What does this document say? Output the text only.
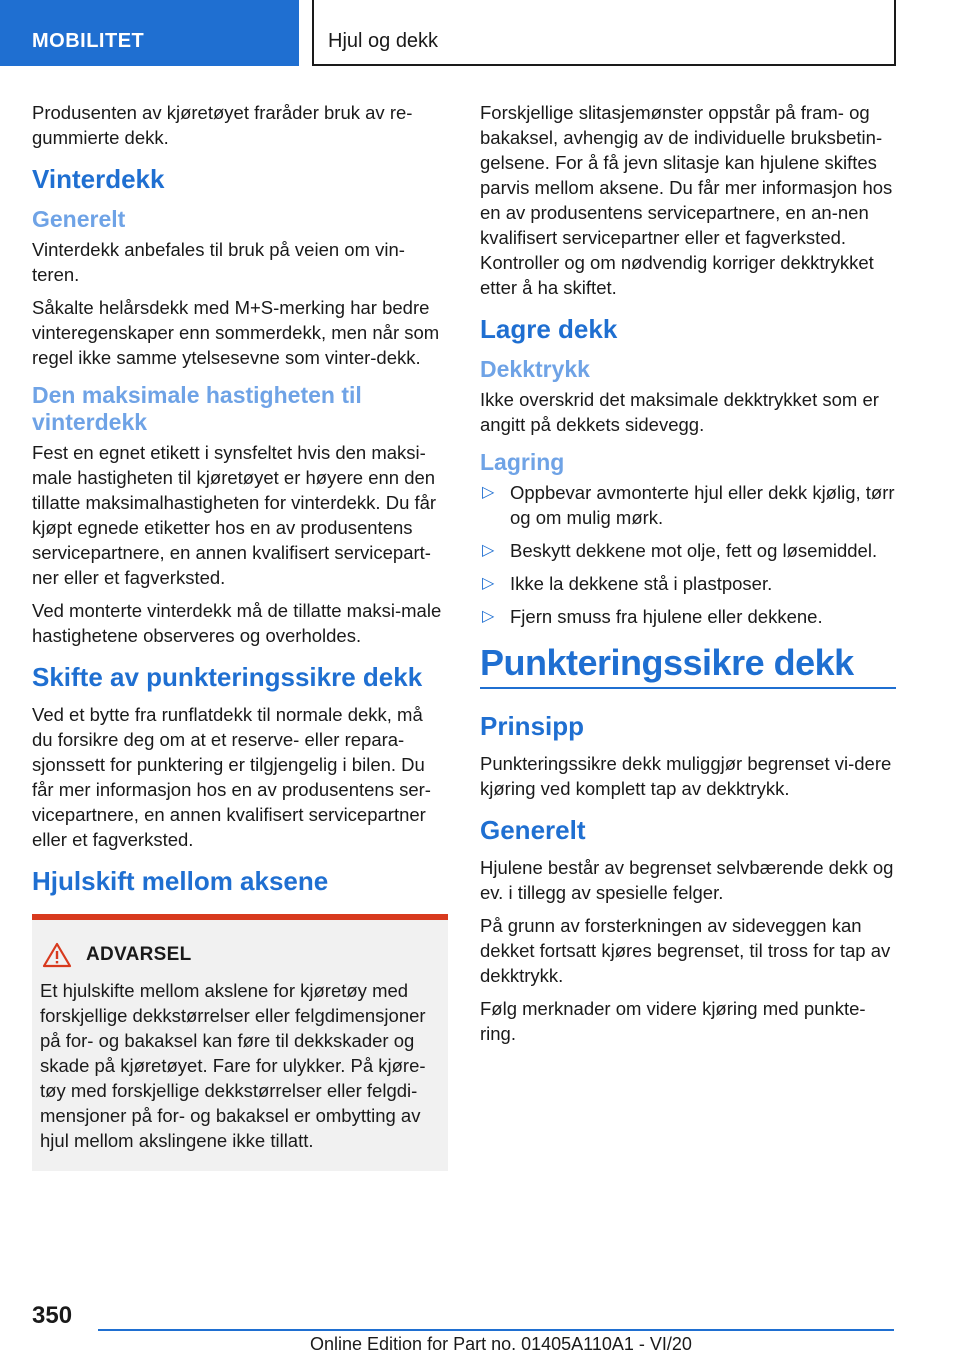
MOBILITET	Hjul og dekk

Produsenten av kjøretøyet fraråder bruk av re-gummierte dekk.

Vinterdekk
Generelt

Vinterdekk anbefales til bruk på veien om vin-teren.

Såkalte helårsdekk med M+S-merking har bedre vinteregenskaper enn sommerdekk, men når som regel ikke samme ytelsesevne som vinter-dekk.

Den maksimale hastigheten til vinterdekk

Fest en egnet etikett i synsfeltet hvis den maksi-male hastigheten til kjøretøyet er høyere enn den tillatte maksimalhastigheten for vinterdekk. Du får kjøpt egnede etiketter hos en av produsentens servicepartnere, en annen kvalifisert servicepart-ner eller et fagverksted.

Ved monterte vinterdekk må de tillatte maksi-male hastighetene observeres og overholdes.

Skifte av punkteringssikre dekk

Ved et bytte fra runflatdekk til normale dekk, må du forsikre deg om at et reserve- eller repara-sjonssett for punktering er tilgjengelig i bilen. Du får mer informasjon hos en av produsentens ser-vicepartnere, en annen kvalifisert servicepartner eller et fagverksted.

Hjulskift mellom aksene
ADVARSEL

Et hjulskifte mellom akslene for kjøretøy med forskjellige dekkstørrelser eller felgdimensjoner på for- og bakaksel kan føre til dekkskader og skade på kjøretøyet. Fare for ulykker. På kjøre-tøy med forskjellige dekkstørrelser eller felgdi-mensjoner på for- og bakaksel er ombytting av hjul mellom akslingene ikke tillatt.

Forskjellige slitasjemønster oppstår på fram- og bakaksel, avhengig av de individuelle bruksbetin-gelsene. For å få jevn slitasje kan hjulene skiftes parvis mellom aksene. Du får mer informasjon hos en av produsentens servicepartnere, en an-nen kvalifisert servicepartner eller et fagverksted. Kontroller og om nødvendig korriger dekktrykket etter å ha skiftet.

Lagre dekk
Dekktrykk

Ikke overskrid det maksimale dekktrykket som er angitt på dekkets sidevegg.

Lagring
▷ Oppbevar avmonterte hjul eller dekk kjølig, tørr og om mulig mørk.
▷ Beskytt dekkene mot olje, fett og løsemiddel.
▷ Ikke la dekkene stå i plastposer.
▷ Fjern smuss fra hjulene eller dekkene.
Punkteringssikre dekk
Prinsipp

Punkteringssikre dekk muliggjør begrenset vi-dere kjøring ved komplett tap av dekktrykk.

Generelt

Hjulene består av begrenset selvbærende dekk og ev. i tillegg av spesielle felger.

På grunn av forsterkningen av sideveggen kan dekket fortsatt kjøres begrenset, til tross for tap av dekktrykk.

Følg merknader om videre kjøring med punkte-ring.

350
Online Edition for Part no. 01405A110A1 - VI/20
